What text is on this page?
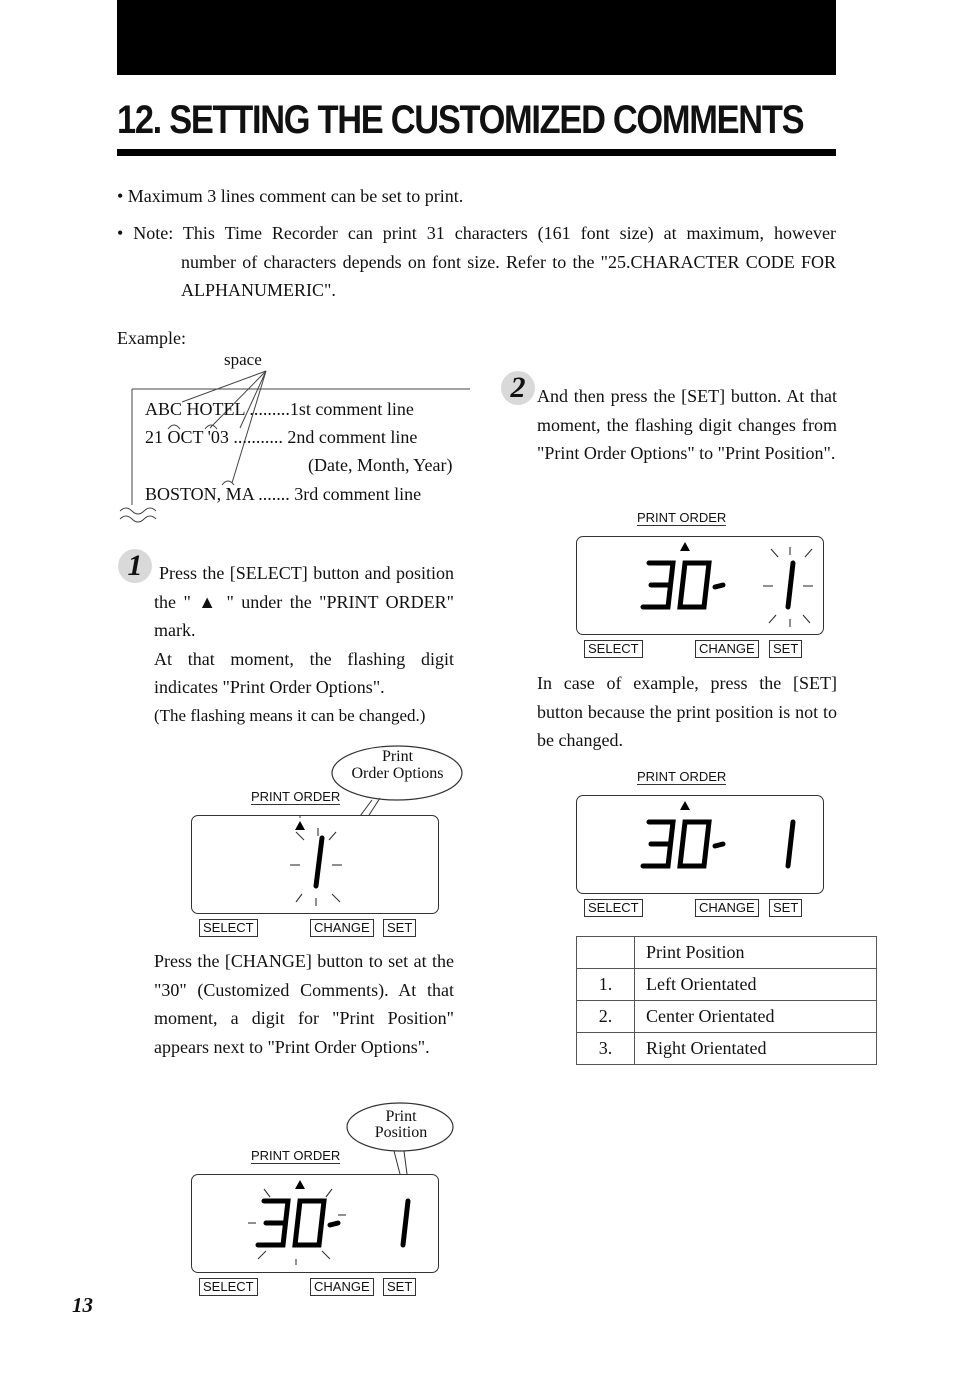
12. SETTING THE CUSTOMIZED COMMENTS
• Maximum 3 lines comment can be set to print.
• Note: This Time Recorder can print 31 characters (161 font size) at maximum, however
number of characters depends on font size. Refer to the "25.CHARACTER CODE FOR ALPHANUMERIC".
Example:
space
ABC HOTEL .........1st comment line
21 OCT '03 ........... 2nd comment line
(Date, Month, Year)
BOSTON, MA ....... 3rd comment line
1 Press the [SELECT] button and position the " ▲ " under the "PRINT ORDER" mark.
At that moment, the flashing digit indicates "Print Order Options".
(The flashing means it can be changed.)
Print
Order Options
PRINT ORDER
SELECT	CHANGE	SET
Press the [CHANGE] button to set at the "30" (Customized Comments). At that moment, a digit for "Print Position" appears next to "Print Order Options".
Print
Position
PRINT ORDER
SELECT	CHANGE	SET
2 And then press the [SET] button. At that moment, the flashing digit changes from "Print Order Options" to "Print Position".
PRINT ORDER
SELECT	CHANGE	SET
In case of example, press the [SET] button because the print position is not to be changed.
PRINT ORDER
SELECT	CHANGE	SET
	Print Position
1.	Left Orientated
2.	Center Orientated
3.	Right Orientated
13
